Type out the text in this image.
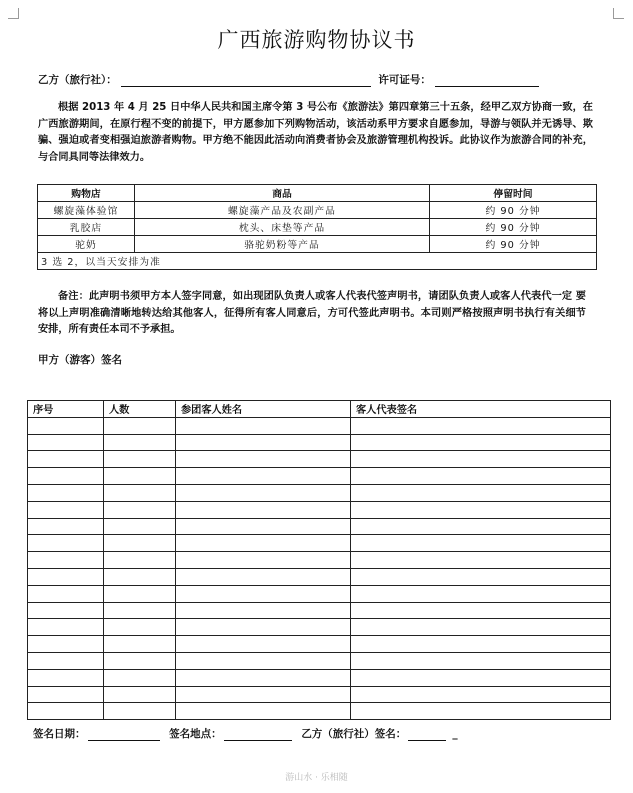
广西旅游购物协议书
乙方（旅行社）：	许可证号：
根据 2013 年 4 月 25 日中华人民共和国主席令第 3 号公布《旅游法》第四章第三十五条，经甲乙双方协商一致，在广西旅游期间，在原行程不变的前提下，甲方愿参加下列购物活动，该活动系甲方要求自愿参加，导游与领队并无诱导、欺骗、强迫或者变相强迫旅游者购物。甲方绝不能因此活动向消费者协会及旅游管理机构投诉。此协议作为旅游合同的补充，与合同具同等法律效力。
购物店	商品	停留时间
螺旋藻体验馆	螺旋藻产品及农副产品	约 90 分钟
乳胶店	枕头、床垫等产品	约 90 分钟
驼奶	骆驼奶粉等产品	约 90 分钟
3 选 2，以当天安排为准		
备注：此声明书须甲方本人签字同意，如出现团队负责人或客人代表代签声明书，请团队负责人或客人代表代一定 要将以上声明准确清晰地转达给其他客人，征得所有客人同意后，方可代签此声明书。本司则严格按照声明书执行有关细节安排，所有责任本司不予承担。
甲方（游客）签名
序号	人数	参团客人姓名	客人代表签名

签名日期：	签名地点：	乙方（旅行社）签名：	_
游山水 · 乐相随
